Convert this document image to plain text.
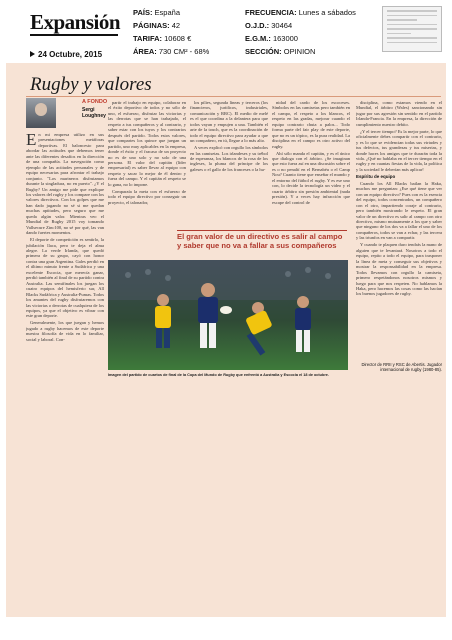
Expansión
24 Octubre, 2015
PAÍS: España
PÁGINAS: 42
TARIFA: 10608 €
ÁREA: 730 CM² - 68%
FRECUENCIA: Lunes a sábados
O.J.D.: 30464
E.G.M.: 163000
SECCIÓN: OPINION
Rugby y valores
A FONDO
Sergi Loughney

En mi empresa utilizo en sus presentaciones metáforas deportivas. El baloncesto para abordar las actitudes que debemos tener ante las diferentes desafíos en la dirección de una compañía. La navegación como ejemplo de las actitudes personales y de equipo necesarias para afrontar el trabajo conjunto. "Los marineros disfrutamos durante la singladura, no en puerto". ¿Y el Rugby? Un amigo me pide que explique los valores del rugby y los compare con los valores directivos. Con los golpes que me han dado jugando no sé si me quedan muchas aptitudes, pero seguro que me queda algún valor. Mientras veo el Mundial de Rugby 2015 voy tomando Vallsecure Zinc100, no sé por qué, las van dando fuertes momentos.

El deporte de competición es sentirlo, la jubilación llaca, pero te deja el alma alegre. La verde Irlanda, que quedó primera de su grupo, cayó con honor contra una gran Argentina. Gales perdió en el último minuto frente a Sudáfrica y una excelente Escocia, que merecía ganar, perdió también al final de su partido contra Australia. Las semifinales los juegan los cuatro equipos del hemisferio sur, All Blacks Sudáfrica y Australia-Pumas. Todos los amantes del rugby disfrutaremos con las victorias o derrotas de cualquiera de los equipos, ya que el objetivo es vibrar con este gran deporte.

Generalmente, los que juegan y hemos jugado a rugby hacemos de este deporte nuestra filosofía de vida en lo familiar, social y laboral. Con-

partir el trabajo en equipo, colaborar en el éxito deportivo de todos y no sólo de uno, el esfuerzo, disfrutar las victorias y las derrotas que se han trabajado, el respeto a tus compañeros y al contrario, y saber estar con los tuyos y los contrarios después del partido. Todos estos valores, que compartes los quince que juegan un partido, uno muy aplicables en la empresa, donde el éxito y el fracaso de un proyecto no es de uno solo y no solo de una persona. El valor del capitán (líder empresarial) es saber llevar al equipo con respeto y sacar lo mejor de él dentro y fuera del campo. Y el capitán el respeto se lo gana, no lo impone.

Comparaía la meta con el esfuerzo de todo el equipo directivo por conseguir un proyecto, el talonador,

los pilies, segunda líneas y terceros (los financieros, jurídicos, industriales, comunicación y RRC). El medio de melé es el que coordina a la delantera para que todos vayan y empujen a una. También el arte de la touch, que es la coordinación de todo el equipo directivo para ayudar a que un compañero, en tú, llegue a lo más alto.

A veces explicó con orgullo los símbolos en las camisetas. Los irlandeses y su trébol de esperanza, los blancos de la rosa de los ingleses, la pluma del príncipe de los galeses o el gallo de los franceses o la hu-

nidad del cardo de los escoceses. Símbolos en las camisetas pero también en el campo, el respeto a los blancos, el respeto en las gradas, mejorar cuando el equipo contrario chuta a palos... Todo forma parte del fair play de este deporte, que no es un tópico, es la pura realidad. La disciplina en el campo es otro activo del rugby.

Ahí sólo manda el capitán, y es el único que dialoga con el árbitro. ¿Se imaginan que esto fuera así en una discusión sobre el es o no penaltí en el Bernabéu o el Camp Nou? Cuanto tiene que enseñar el mundo y el entorno del fútbol el rugby. Y es ese uno con, lo decide la tecnología un video y el cuarto árbitro sin presión ambiental (nada presión). Y a veces hay infracción que escape del control de

disciplina, como estamos viendo en el Mundial, el árbitro (Wales) sancionando sin jugar por sus agresión sin sentido en el partido Irlanda-Francia. En la empresa, la dirección de cumplimiento nuestro debito.

¿Y el tercer tiempo? Es la mejor parte, lo que oficialmente debes compartir con el contrario, y es lo que se evidencian todas sus virtudes y tus defectos, tus grandezas y tus miserias, y donde haces los amigos que te durarán toda la vida. ¿Qué no hablaba en el tercer tiempo en el rugby y en cuantas fiestas de la vida, la política y la sociedad le deberían más aplicar!

Espíritu de equipo

Cuando los All Blacks bailan la Haka, muchos me preguntan: ¿Ese qué tiene que ver con un equipo directivo? Pues con es la esencia del equipo, todos concentrados, un compañero con el otro, impartiendo coraje al contrario, pero también mostrando le respeto. El gran valor de un directivo es salir al campo con otro directivo, mismo mutuamente a los que y saber que ninguno de los dos va a fallar el uno de los compañeros, todos se van a echar, y las tercera y las triunfos en van a compartir.

Y cuando te plaquen duro tendrás la mano de alguien que te levantará. Nosotros a todo el equipo, repito a todo el equipo, para trasponer la línea de meta y conseguir sus objetivos y mostrar la responsabilidad en la empresa. Todos llevamos con orgullo la camiseta, primero respetándonos nosotros mismos y luego para que nos respeten. No hablamos la Haka, pero hacemos las cosas como las hacían los buenos jugadores de rugby.

El gran valor de un directivo es salir al campo y saber que no va a fallar a sus compañeros
Imagen del partido de cuartos de final de la Copa del Mundo de Rugby que enfrentó a Australia y Escocia el 18 de octubre.
Director de RRII y RSC de Abertis. Jugador internacional de rugby (1980-85).
